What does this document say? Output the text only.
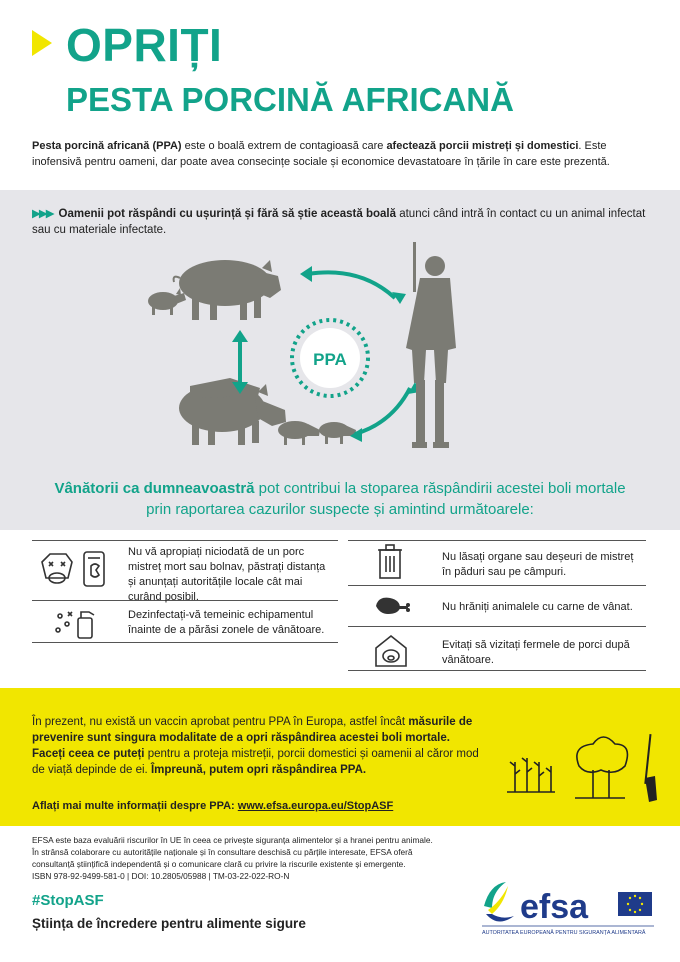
OPRIȚI
PESTA PORCINĂ AFRICANĂ

Pesta porcină africană (PPA) este o boală extrem de contagioasă care afectează porcii mistreți și domestici. Este inofensivă pentru oameni, dar poate avea consecințe sociale și economice devastatoare în țările în care este prezentă.

▶▶▶ Oamenii pot răspândi cu ușurință și fără să știe această boală atunci când intră în contact cu un animal infectat sau cu materiale infectate.

PPA

Vânătorii ca dumneavoastră pot contribui la stoparea răspândirii acestei boli mortale prin raportarea cazurilor suspecte și amintind următoarele:

Nu vă apropiați niciodată de un porc mistreț mort sau bolnav, păstrați distanța și anunțați autoritățile locale cât mai curând posibil.
Dezinfectați-vă temeinic echipamentul înainte de a părăsi zonele de vânătoare.
Nu lăsați organe sau deșeuri de mistreț în păduri sau pe câmpuri.
Nu hrăniți animalele cu carne de vânat.
Evitați să vizitați fermele de porci după vânătoare.

În prezent, nu există un vaccin aprobat pentru PPA în Europa, astfel încât măsurile de prevenire sunt singura modalitate de a opri răspândirea acestei boli mortale.

Faceți ceea ce puteți pentru a proteja mistreții, porcii domestici și oamenii al căror mod de viață depinde de ei. Împreună, putem opri răspândirea PPA.

Aflați mai multe informații despre PPA: www.efsa.europa.eu/StopASF
EFSA este baza evaluării riscurilor în UE în ceea ce privește siguranța alimentelor și a hranei pentru animale.
În strânsă colaborare cu autoritățile naționale și în consultare deschisă cu părțile interesate, EFSA oferă
consultanță științifică independentă și o comunicare clară cu privire la riscurile existente și emergente.
ISBN 978-92-9499-581-0 | DOI: 10.2805/05988 | TM-03-22-022-RO-N
#StopASF
Știința de încredere pentru alimente sigure	efsa
AUTORITATEA EUROPEANĂ PENTRU SIGURANȚA ALIMENTARĂ
